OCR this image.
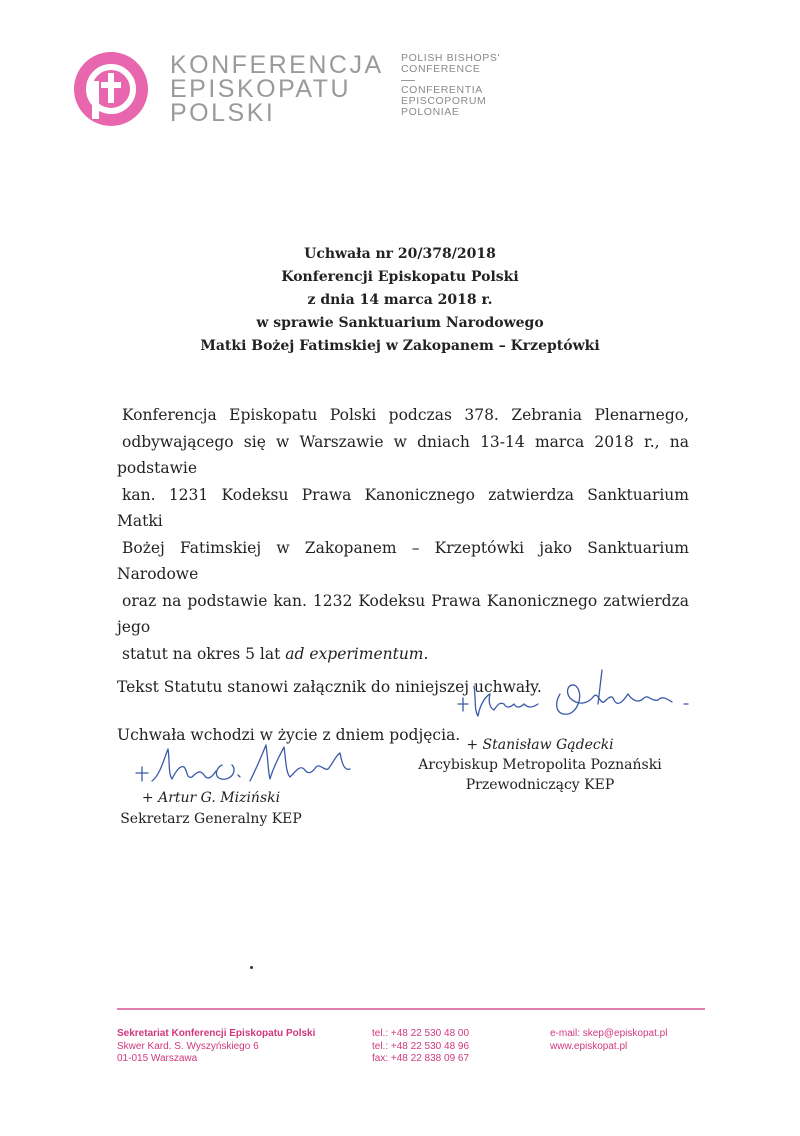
KONFERENCJA
EPISKOPATU
POLSKI
POLISH BISHOPS'
CONFERENCE
CONFERENTIA
EPISCOPORUM
POLONIAE
Uchwała nr 20/378/2018
Konferencji Episkopatu Polski
z dnia 14 marca 2018 r.
w sprawie Sanktuarium Narodowego
Matki Bożej Fatimskiej w Zakopanem – Krzeptówki

Konferencja Episkopatu Polski podczas 378. Zebrania Plenarnego,
odbywającego się w Warszawie w dniach 13-14 marca 2018 r., na podstawie
kan. 1231 Kodeksu Prawa Kanonicznego zatwierdza Sanktuarium Matki
Bożej Fatimskiej w Zakopanem – Krzeptówki jako Sanktuarium Narodowe
oraz na podstawie kan. 1232 Kodeksu Prawa Kanonicznego zatwierdza jego
statut na okres 5 lat ad experimentum.

Tekst Statutu stanowi załącznik do niniejszej uchwały.

Uchwała wchodzi w życie z dniem podjęcia.

+ Stanisław Gądecki
Arcybiskup Metropolita Poznański
Przewodniczący KEP
+ Artur G. Miziński
Sekretarz Generalny KEP
Sekretariat Konferencji Episkopatu Polski
Skwer Kard. S. Wyszyńskiego 6
01-015 Warszawa
tel.: +48 22 530 48 00
tel.: +48 22 530 48 96
fax: +48 22 838 09 67
e-mail: skep@episkopat.pl
www.episkopat.pl
